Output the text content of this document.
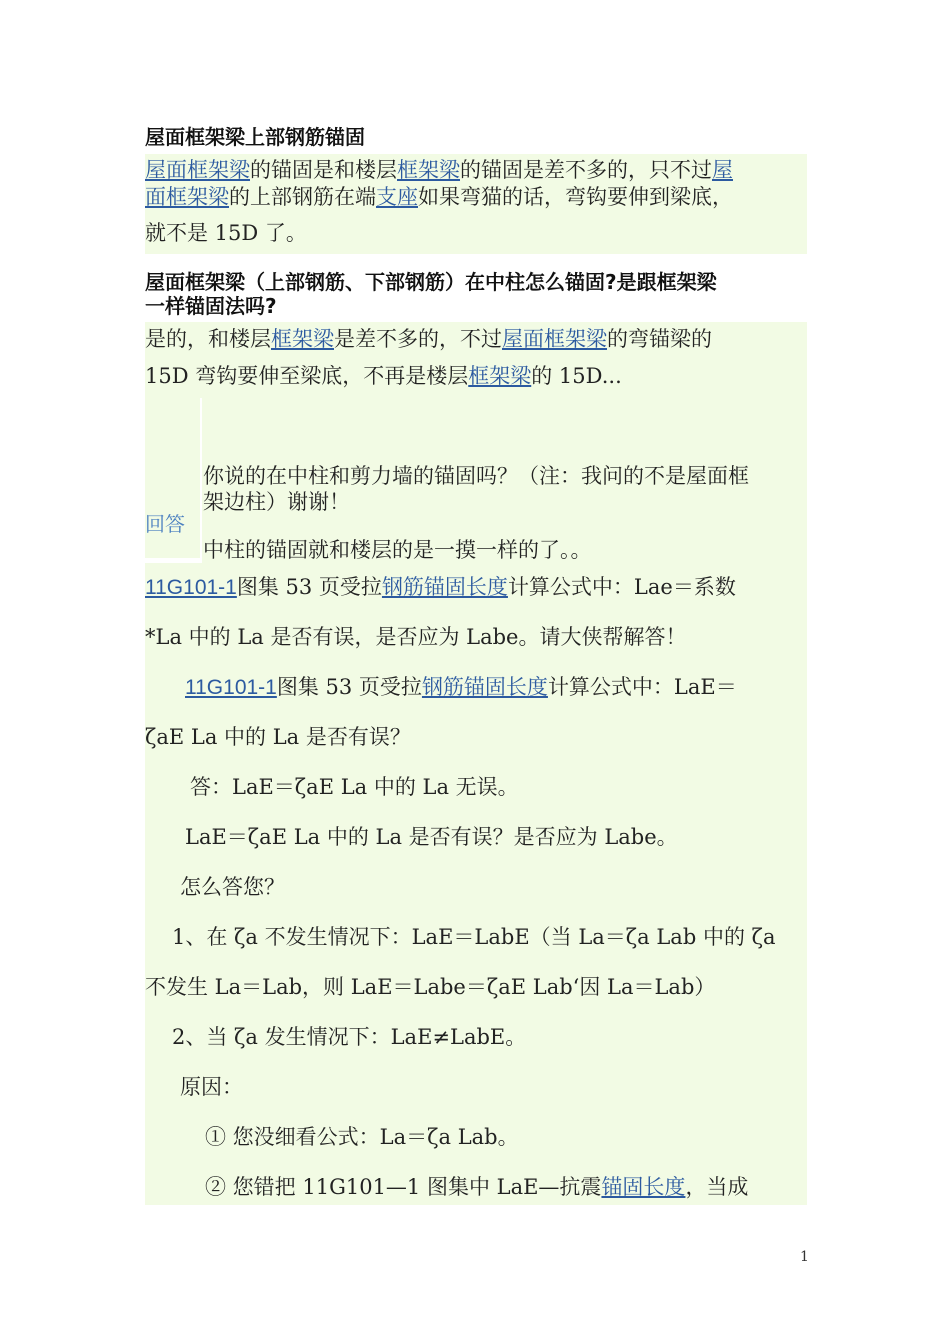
屋面框架梁上部钢筋锚固
屋面框架梁的锚固是和楼层框架梁的锚固是差不多的，只不过屋
面框架梁的上部钢筋在端支座如果弯猫的话，弯钩要伸到梁底，
就不是 15D 了。
屋面框架梁（上部钢筋、下部钢筋）在中柱怎么锚固?是跟框架梁
一样锚固法吗?
是的，和楼层框架梁是差不多的，不过屋面框架梁的弯锚梁的
15D 弯钩要伸至梁底，不再是楼层框架梁的 15D...
回答
你说的在中柱和剪力墙的锚固吗？（注：我问的不是屋面框
架边柱）谢谢！
中柱的锚固就和楼层的是一摸一样的了。。
11G101-1图集 53 页受拉钢筋锚固长度计算公式中：Lae＝系数
*La 中的 La 是否有误，是否应为 Labe。请大侠帮解答！
11G101-1图集 53 页受拉钢筋锚固长度计算公式中：LaE＝
ζaE La 中的 La 是否有误？
答：LaE＝ζaE La 中的 La 无误。
LaE＝ζaE La 中的 La 是否有误？是否应为 Labe。
怎么答您？
1、在 ζa 不发生情况下：LaE＝LabE（当 La＝ζa Lab 中的 ζa
不发生 La＝Lab，则 LaE＝Labe＝ζaE Lab‘因 La＝Lab）
2、当 ζa 发生情况下：LaE≠LabE。
原因：
① 您没细看公式：La＝ζa Lab。
② 您错把 11G101—1 图集中 LaE—抗震锚固长度，当成
1
